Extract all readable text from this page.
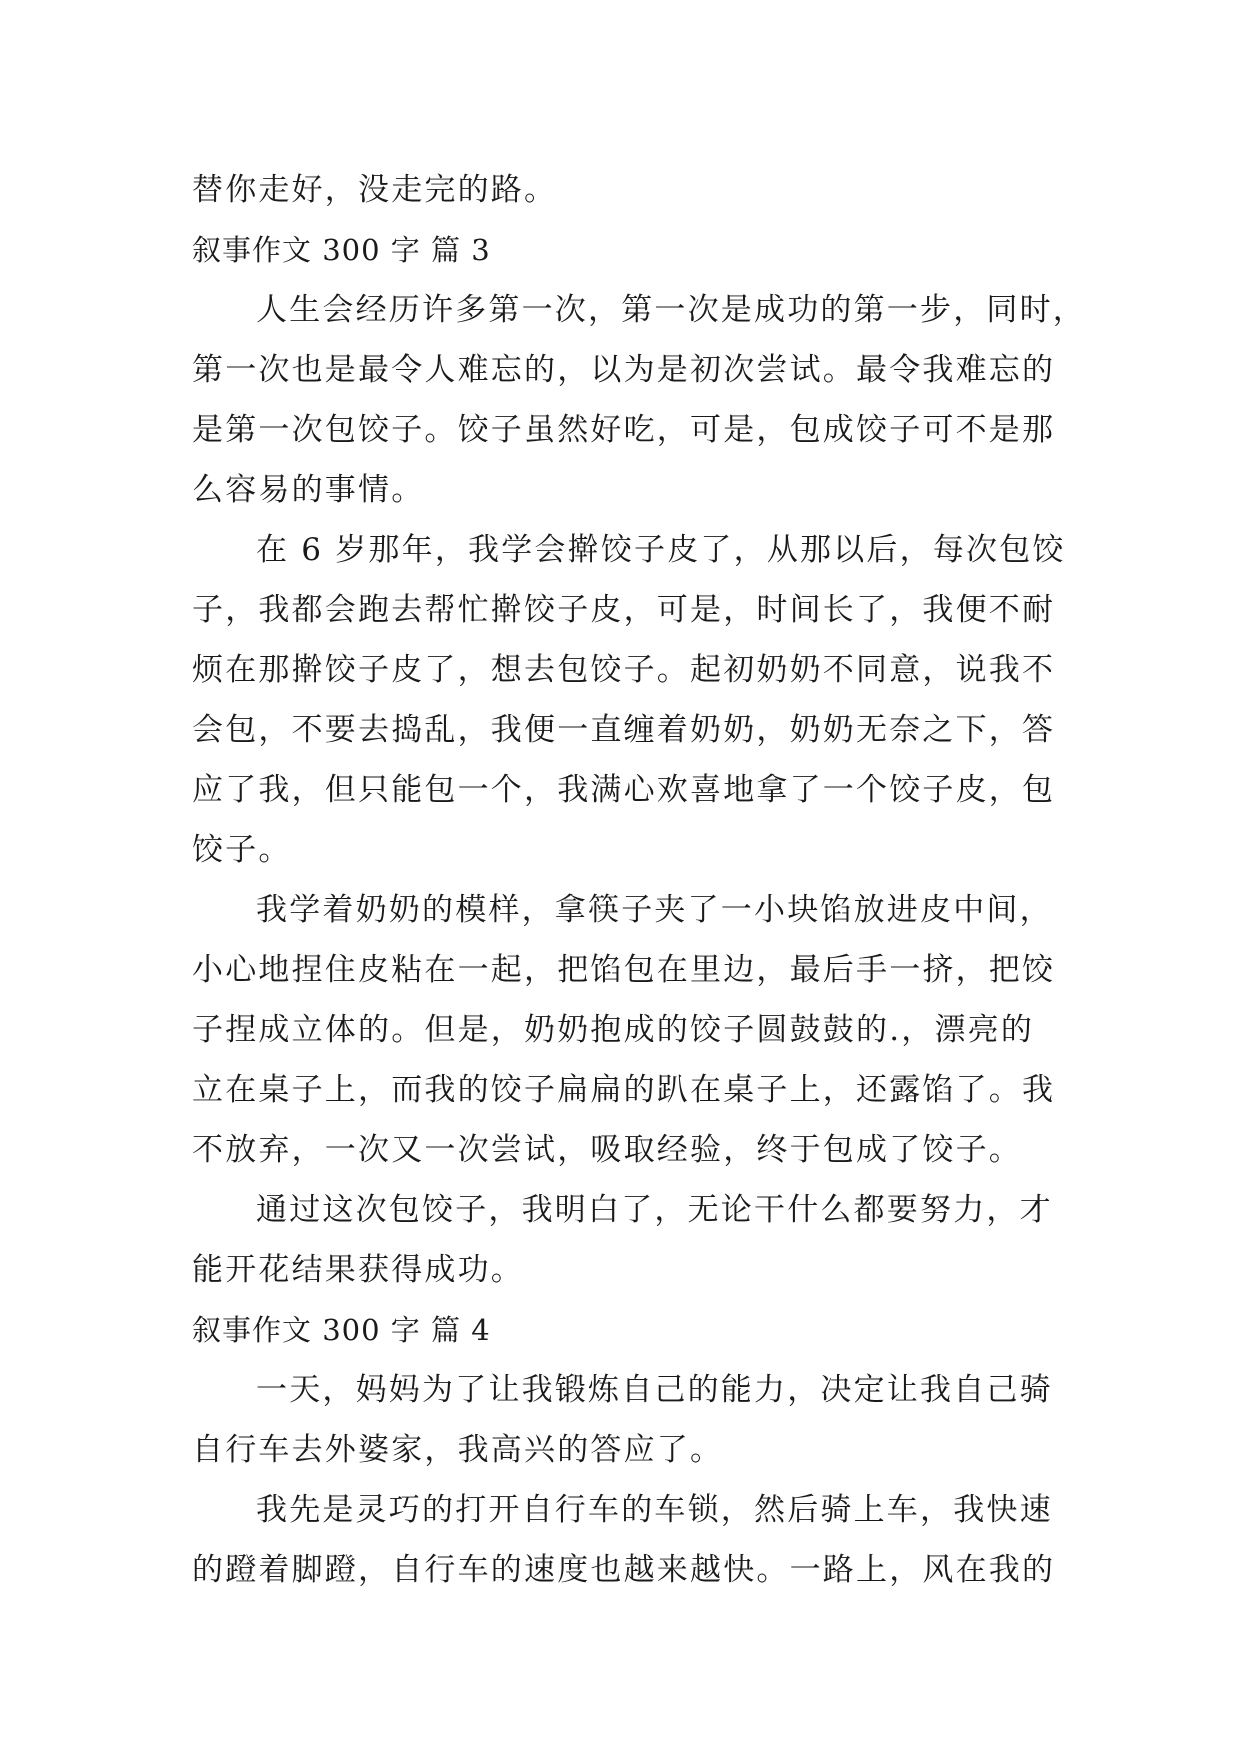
替你走好，没走完的路。
叙事作文 300 字 篇 3
人生会经历许多第一次，第一次是成功的第一步，同时，
第一次也是最令人难忘的，以为是初次尝试。最令我难忘的
是第一次包饺子。饺子虽然好吃，可是，包成饺子可不是那
么容易的事情。
在 6 岁那年，我学会擀饺子皮了，从那以后，每次包饺
子，我都会跑去帮忙擀饺子皮，可是，时间长了，我便不耐
烦在那擀饺子皮了，想去包饺子。起初奶奶不同意，说我不
会包，不要去捣乱，我便一直缠着奶奶，奶奶无奈之下，答
应了我，但只能包一个，我满心欢喜地拿了一个饺子皮，包
饺子。
我学着奶奶的模样，拿筷子夹了一小块馅放进皮中间，
小心地捏住皮粘在一起，把馅包在里边，最后手一挤，把饺
子捏成立体的。但是，奶奶抱成的饺子圆鼓鼓的.，漂亮的
立在桌子上，而我的饺子扁扁的趴在桌子上，还露馅了。我
不放弃，一次又一次尝试，吸取经验，终于包成了饺子。
通过这次包饺子，我明白了，无论干什么都要努力，才
能开花结果获得成功。
叙事作文 300 字 篇 4
一天，妈妈为了让我锻炼自己的能力，决定让我自己骑
自行车去外婆家，我高兴的答应了。
我先是灵巧的打开自行车的车锁，然后骑上车，我快速
的蹬着脚蹬，自行车的速度也越来越快。一路上，风在我的
